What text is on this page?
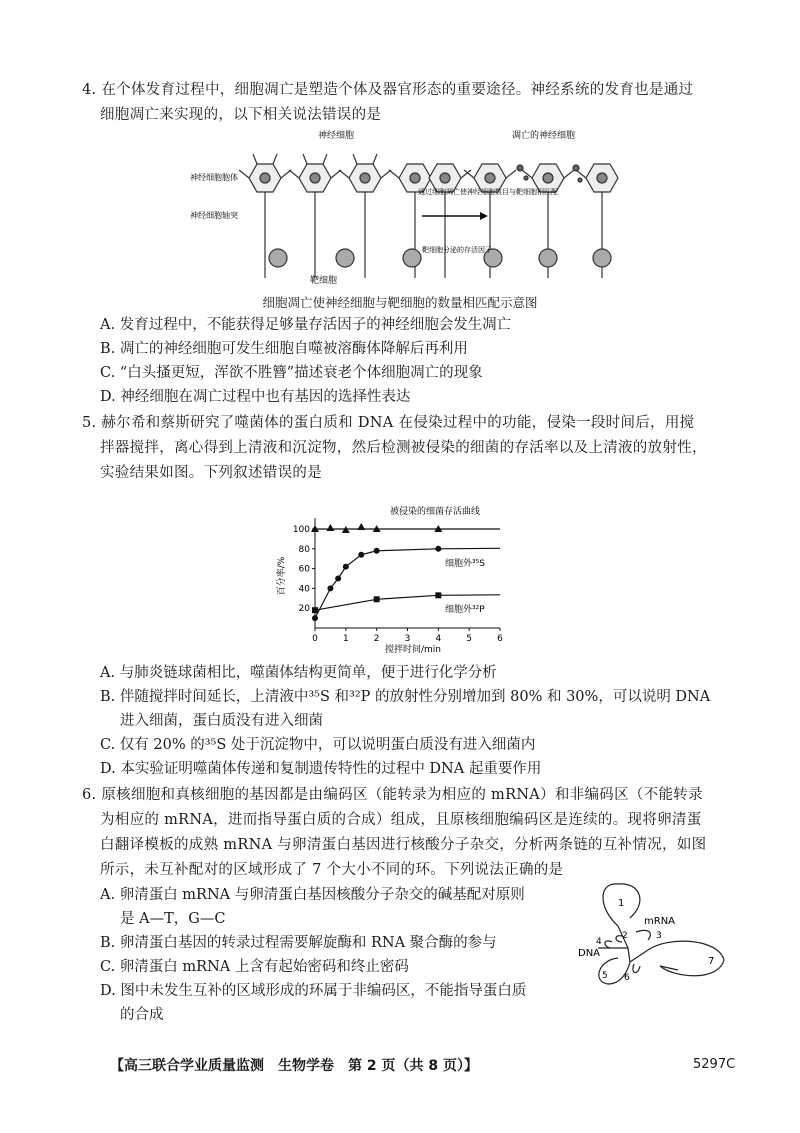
4. 在个体发育过程中，细胞凋亡是塑造个体及器官形态的重要途径。神经系统的发育也是通过
细胞凋亡来实现的，以下相关说法错误的是
神经细胞	凋亡的神经细胞
神经细胞胞体
神经细胞轴突
靶细胞
通过细胞凋亡使神经细胞数目与靶细胞相匹配
靶细胞分泌的存活因子
细胞凋亡使神经细胞与靶细胞的数量相匹配示意图
A. 发育过程中，不能获得足够量存活因子的神经细胞会发生凋亡
B. 凋亡的神经细胞可发生细胞自噬被溶酶体降解后再利用
C. “白头搔更短，浑欲不胜簪”描述衰老个体细胞凋亡的现象
D. 神经细胞在凋亡过程中也有基因的选择性表达
5. 赫尔希和蔡斯研究了噬菌体的蛋白质和 DNA 在侵染过程中的功能，侵染一段时间后，用搅
拌器搅拌，离心得到上清液和沉淀物，然后检测被侵染的细菌的存活率以及上清液的放射性，
实验结果如图。下列叙述错误的是
百分率/%
搅拌时间/min
0	1	2	3	4	5	6
20
40
60
80
100
被侵染的细菌存活曲线
细胞外³⁵S
细胞外³²P
A. 与肺炎链球菌相比，噬菌体结构更简单，便于进行化学分析
B. 伴随搅拌时间延长，上清液中³⁵S 和³²P 的放射性分别增加到 80% 和 30%，可以说明 DNA
进入细菌，蛋白质没有进入细菌
C. 仅有 20% 的³⁵S 处于沉淀物中，可以说明蛋白质没有进入细菌内
D. 本实验证明噬菌体传递和复制遗传特性的过程中 DNA 起重要作用
6. 原核细胞和真核细胞的基因都是由编码区（能转录为相应的 mRNA）和非编码区（不能转录
为相应的 mRNA，进而指导蛋白质的合成）组成，且原核细胞编码区是连续的。现将卵清蛋
白翻译模板的成熟 mRNA 与卵清蛋白基因进行核酸分子杂交，分析两条链的互补情况，如图
所示，未互补配对的区域形成了 7 个大小不同的环。下列说法正确的是
A. 卵清蛋白 mRNA 与卵清蛋白基因核酸分子杂交的碱基配对原则
是 A—T，G—C
B. 卵清蛋白基因的转录过程需要解旋酶和 RNA 聚合酶的参与
C. 卵清蛋白 mRNA 上含有起始密码和终止密码
D. 图中未发生互补的区域形成的环属于非编码区，不能指导蛋白质
的合成
mRNA
DNA
1
2	3
4
5 6
7
【高三联合学业质量监测　生物学卷　第 2 页（共 8 页）】	5297C
